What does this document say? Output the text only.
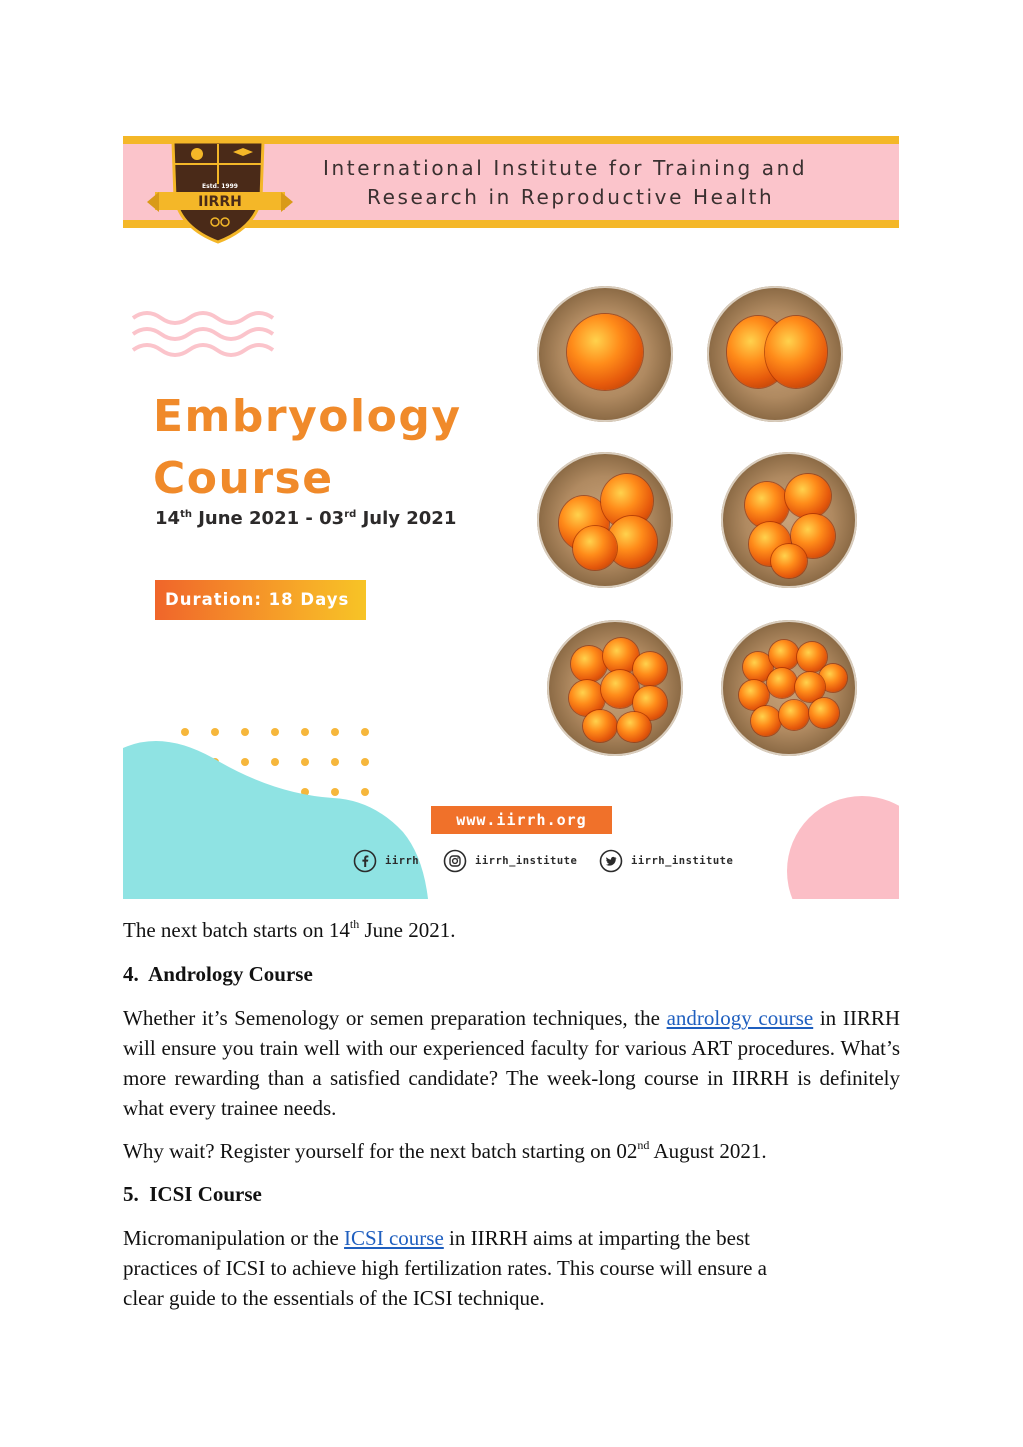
International Institute for Training and
Research in Reproductive Health
Estd. 1999
IIRRH
Embryology
Course
14th June 2021 - 03rd July 2021
Duration: 18 Days
www.iirrh.org
iirrh	iirrh_institute	iirrh_institute
The next batch starts on 14th June 2021.
4.  Andrology Course
Whether it’s Semenology or semen preparation techniques, the andrology course in IIRRH will ensure you train well with our experienced faculty for various ART procedures. What’s more rewarding than a satisfied candidate? The week-long course in IIRRH is definitely what every trainee needs.
Why wait? Register yourself for the next batch starting on 02nd August 2021.
5.  ICSI Course
Micromanipulation or the ICSI course in IIRRH aims at imparting the best
practices of ICSI to achieve high fertilization rates. This course will ensure a
clear guide to the essentials of the ICSI technique.
